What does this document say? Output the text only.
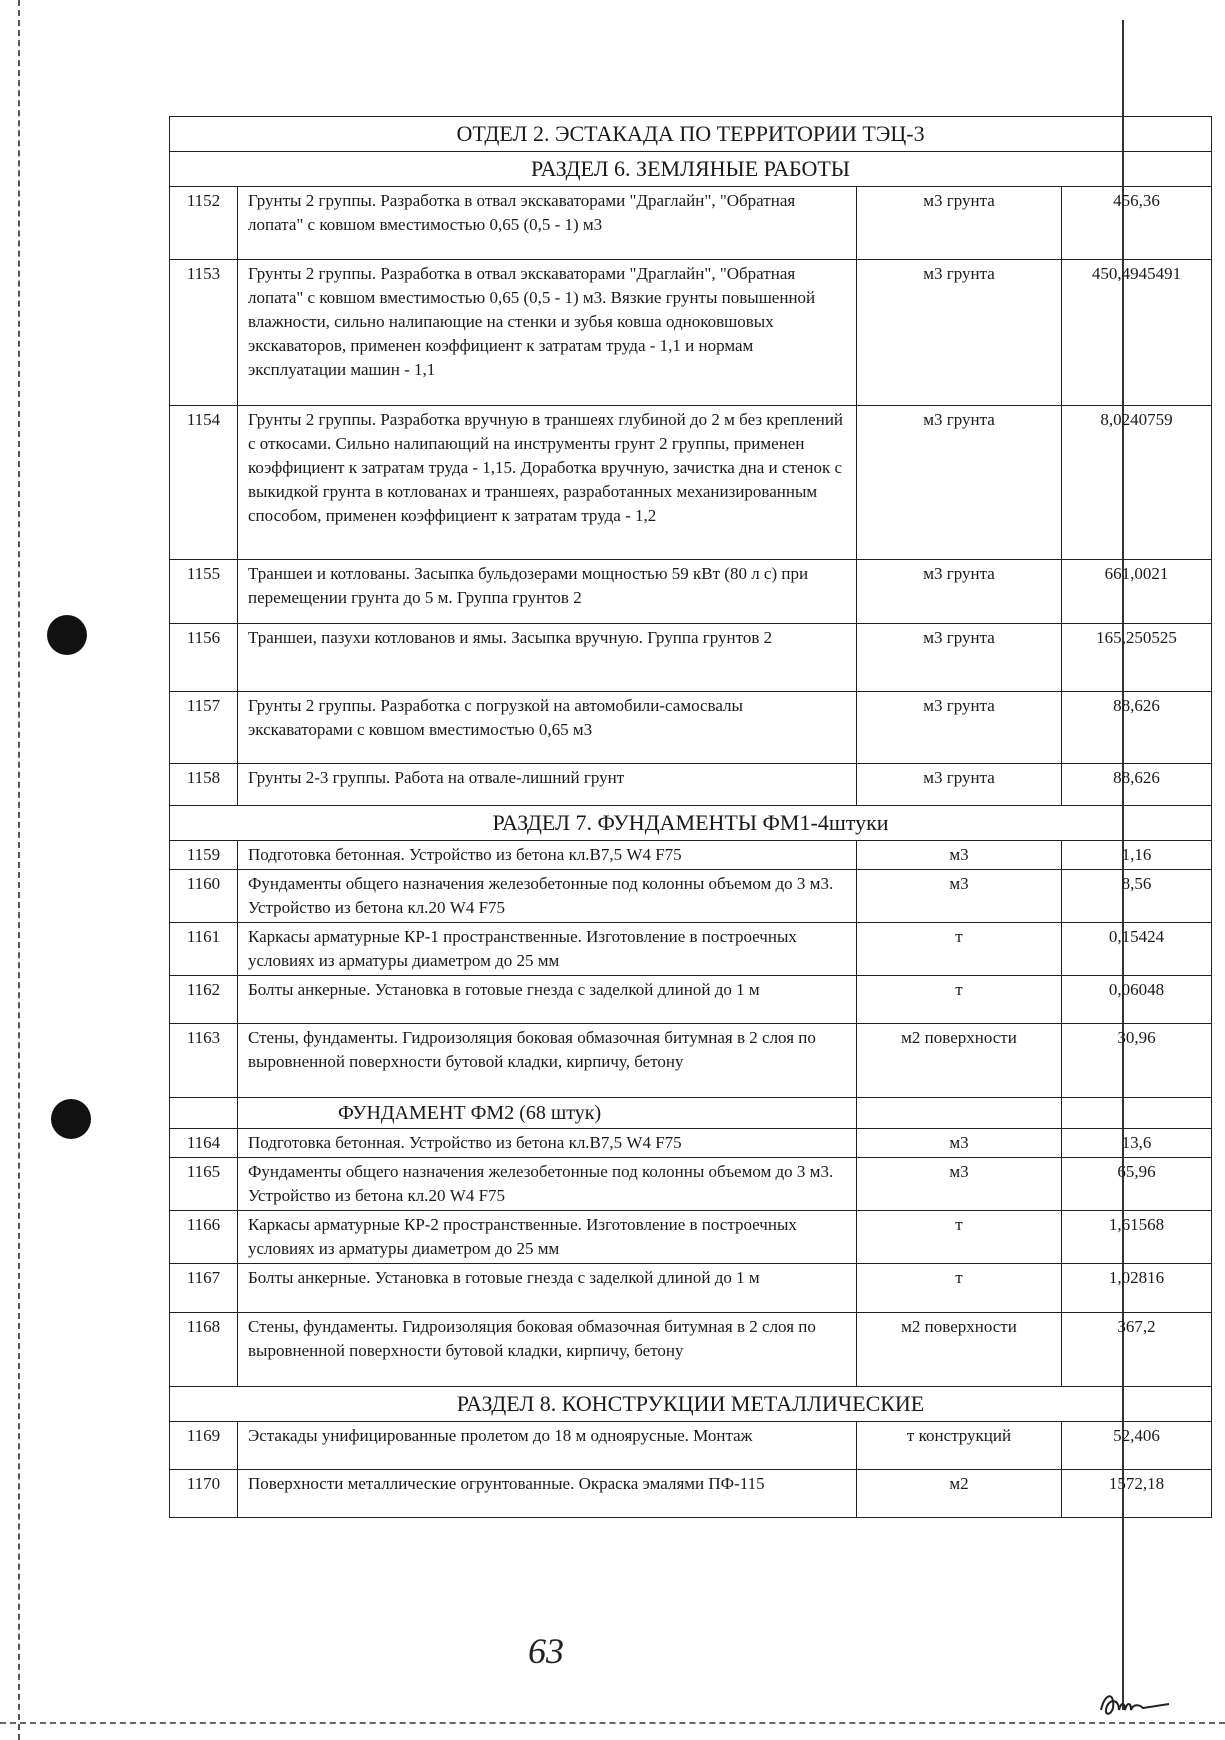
ОТДЕЛ 2. ЭСТАКАДА ПО ТЕРРИТОРИИ ТЭЦ-3			
РАЗДЕЛ 6. ЗЕМЛЯНЫЕ РАБОТЫ			
1152	Грунты 2 группы. Разработка в отвал экскаваторами "Драглайн", "Обратная лопата" с ковшом вместимостью 0,65 (0,5 - 1) м3	м3 грунта	456,36
1153	Грунты 2 группы. Разработка в отвал экскаваторами "Драглайн", "Обратная лопата" с ковшом вместимостью 0,65 (0,5 - 1) м3. Вязкие грунты повышенной влажности, сильно налипающие на стенки и зубья ковша одноковшовых экскаваторов, применен коэффициент к затратам труда - 1,1 и нормам эксплуатации машин - 1,1	м3 грунта	450,4945491
1154	Грунты 2 группы. Разработка вручную в траншеях глубиной до 2 м без креплений с откосами. Сильно налипающий на инструменты грунт 2 группы, применен коэффициент к затратам труда - 1,15. Доработка вручную, зачистка дна и стенок с выкидкой грунта в котлованах и траншеях, разработанных механизированным способом, применен коэффициент к затратам труда - 1,2	м3 грунта	8,0240759
1155	Траншеи и котлованы. Засыпка бульдозерами мощностью 59 кВт (80 л с) при перемещении грунта до 5 м. Группа грунтов 2	м3 грунта	661,0021
1156	Траншеи, пазухи котлованов и ямы. Засыпка вручную. Группа грунтов 2	м3 грунта	165,250525
1157	Грунты 2 группы. Разработка с погрузкой на автомобили-самосвалы экскаваторами с ковшом вместимостью 0,65 м3	м3 грунта	88,626
1158	Грунты 2-3 группы. Работа на отвале-лишний грунт	м3 грунта	88,626
РАЗДЕЛ 7. ФУНДАМЕНТЫ ФМ1-4штуки			
1159	Подготовка бетонная. Устройство из бетона кл.В7,5 W4 F75	м3	1,16
1160	Фундаменты общего назначения железобетонные под колонны объемом до 3 м3. Устройство из бетона кл.20 W4 F75	м3	8,56
1161	Каркасы арматурные КР-1 пространственные. Изготовление в построечных условиях из арматуры диаметром до 25 мм	т	0,15424
1162	Болты анкерные. Установка в готовые гнезда с заделкой длиной до 1 м	т	0,06048
1163	Стены, фундаменты. Гидроизоляция боковая обмазочная битумная в 2 слоя по выровненной поверхности бутовой кладки, кирпичу, бетону	м2 поверхности	30,96
	ФУНДАМЕНТ ФМ2 (68 штук)		
1164	Подготовка бетонная. Устройство из бетона кл.В7,5 W4 F75	м3	13,6
1165	Фундаменты общего назначения железобетонные под колонны объемом до 3 м3. Устройство из бетона кл.20 W4 F75	м3	65,96
1166	Каркасы арматурные КР-2 пространственные. Изготовление в построечных условиях из арматуры диаметром до 25 мм	т	1,61568
1167	Болты анкерные. Установка в готовые гнезда с заделкой длиной до 1 м	т	1,02816
1168	Стены, фундаменты. Гидроизоляция боковая обмазочная битумная в 2 слоя по выровненной поверхности бутовой кладки, кирпичу, бетону	м2 поверхности	367,2
РАЗДЕЛ 8. КОНСТРУКЦИИ МЕТАЛЛИЧЕСКИЕ			
1169	Эстакады унифицированные пролетом до 18 м одноярусные. Монтаж	т конструкций	52,406
1170	Поверхности металлические огрунтованные. Окраска эмалями ПФ-115	м2	1572,18
63
